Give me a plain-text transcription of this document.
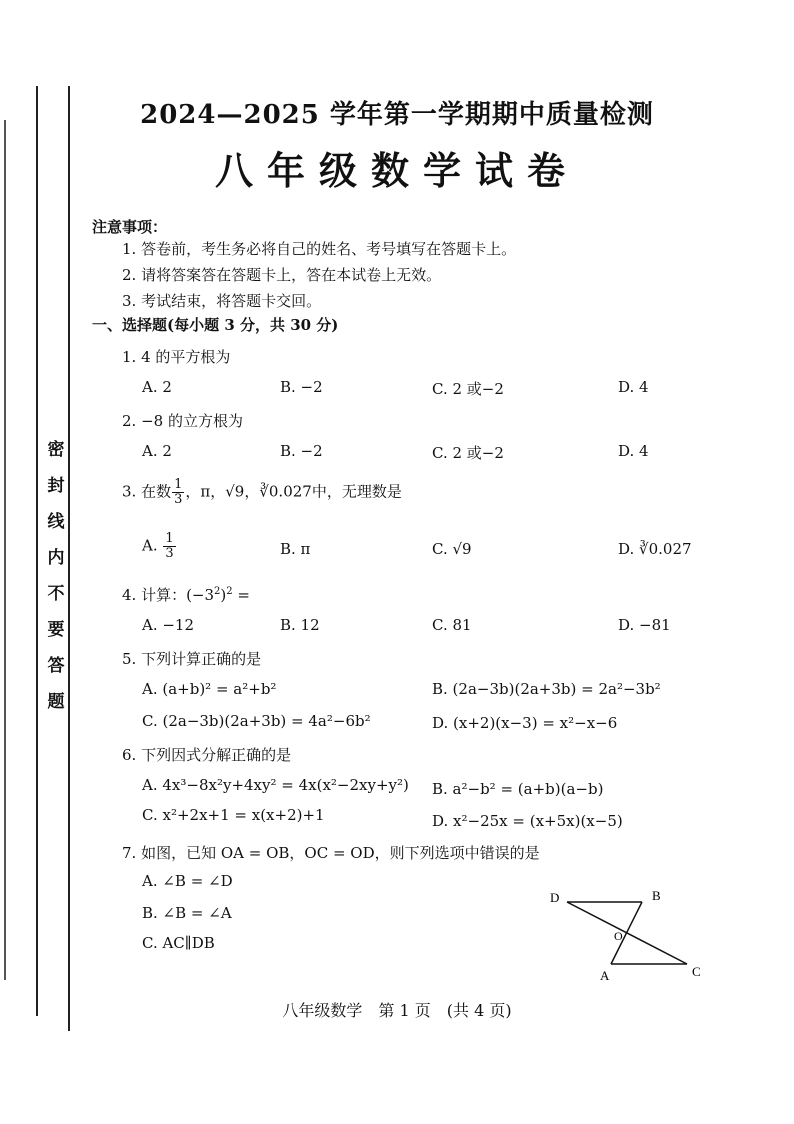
密
封
线
内
不
要
答
题
2024—2025 学年第一学期期中质量检测
八年级数学试卷
注意事项：
1. 答卷前，考生务必将自己的姓名、考号填写在答题卡上。
2. 请将答案答在答题卡上，答在本试卷上无效。
3. 考试结束，将答题卡交回。
一、选择题(每小题 3 分，共 30 分)
1. 4 的平方根为
A. 2	B. −2	C. 2 或−2	D. 4
2. −8 的立方根为
A. 2	B. −2	C. 2 或−2	D. 4
3. 在数 $\frac{1}{3}$ ，π，√9，∛0.027中，无理数是
A. $\frac{1}{3}$	B. π	C. √9	D. ∛0.027
4. 计算：$(-3^2)^2$ =
A. −12	B. 12	C. 81	D. −81
5. 下列计算正确的是
A. (a+b)² = a²+b²	B. (2a−3b)(2a+3b) = 2a²−3b²
C. (2a−3b)(2a+3b) = 4a²−6b²	D. (x+2)(x−3) = x²−x−6
6. 下列因式分解正确的是
A. 4x³−8x²y+4xy² = 4x(x²−2xy+y²) B. a²−b² = (a+b)(a−b)
C. x²+2x+1 = x(x+2)+1	D. x²−25x = (x+5x)(x−5)
7. 如图，已知 OA = OB，OC = OD，则下列选项中错误的是
A. ∠B = ∠D
B. ∠B = ∠A
C. AC∥DB
D	B
O
A	C
八年级数学　第 1 页　(共 4 页)
